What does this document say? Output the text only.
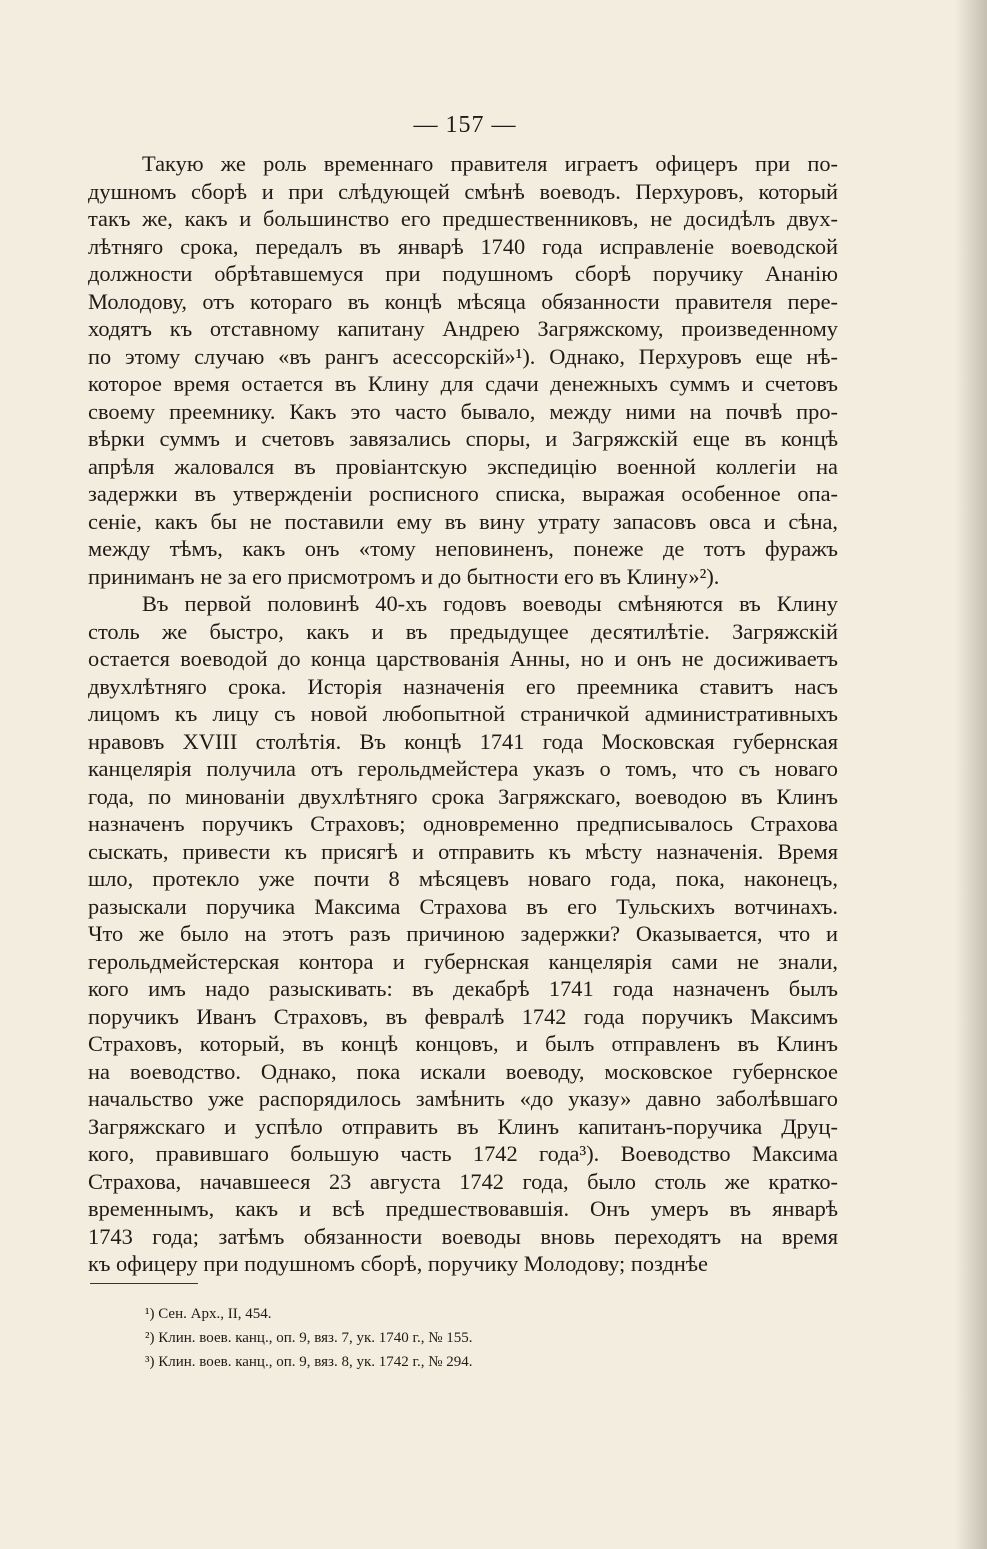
— 157 —
Такую же роль временнаго правителя играетъ офицеръ при по-
душномъ сборѣ и при слѣдующей смѣнѣ воеводъ. Перхуровъ, который
такъ же, какъ и большинство его предшественниковъ, не досидѣлъ двух-
лѣтняго срока, передалъ въ январѣ 1740 года исправленіе воеводской
должности обрѣтавшемуся при подушномъ сборѣ поручику Ананію
Молодову, отъ котораго въ концѣ мѣсяца обязанности правителя пере-
ходятъ къ отставному капитану Андрею Загряжскому, произведенному
по этому случаю «въ рангъ асессорскій»¹). Однако, Перхуровъ еще нѣ-
которое время остается въ Клину для сдачи денежныхъ суммъ и счетовъ
своему преемнику. Какъ это часто бывало, между ними на почвѣ про-
вѣрки суммъ и счетовъ завязались споры, и Загряжскій еще въ концѣ
апрѣля жаловался въ провіантскую экспедицію военной коллегіи на
задержки въ утвержденіи росписного списка, выражая особенное опа-
сеніе, какъ бы не поставили ему въ вину утрату запасовъ овса и сѣна,
между тѣмъ, какъ онъ «тому неповиненъ, понеже де тотъ фуражъ
приниманъ не за его присмотромъ и до бытности его въ Клину»²).
Въ первой половинѣ 40-хъ годовъ воеводы смѣняются въ Клину
столь же быстро, какъ и въ предыдущее десятилѣтіе. Загряжскій
остается воеводой до конца царствованія Анны, но и онъ не досиживаетъ
двухлѣтняго срока. Исторія назначенія его преемника ставитъ насъ
лицомъ къ лицу съ новой любопытной страничкой административныхъ
нравовъ XVIII столѣтія. Въ концѣ 1741 года Московская губернская
канцелярія получила отъ герольдмейстера указъ о томъ, что съ новаго
года, по минованіи двухлѣтняго срока Загряжскаго, воеводою въ Клинъ
назначенъ поручикъ Страховъ; одновременно предписывалось Страхова
сыскать, привести къ присягѣ и отправить къ мѣсту назначенія. Время
шло, протекло уже почти 8 мѣсяцевъ новаго года, пока, наконецъ,
разыскали поручика Максима Страхова въ его Тульскихъ вотчинахъ.
Что же было на этотъ разъ причиною задержки? Оказывается, что и
герольдмейстерская контора и губернская канцелярія сами не знали,
кого имъ надо разыскивать: въ декабрѣ 1741 года назначенъ былъ
поручикъ Иванъ Страховъ, въ февралѣ 1742 года поручикъ Максимъ
Страховъ, который, въ концѣ концовъ, и былъ отправленъ въ Клинъ
на воеводство. Однако, пока искали воеводу, московское губернское
начальство уже распорядилось замѣнить «до указу» давно заболѣвшаго
Загряжскаго и успѣло отправить въ Клинъ капитанъ-поручика Друц-
кого, правившаго большую часть 1742 года³). Воеводство Максима
Страхова, начавшееся 23 августа 1742 года, было столь же кратко-
временнымъ, какъ и всѣ предшествовавшія. Онъ умеръ въ январѣ
1743 года; затѣмъ обязанности воеводы вновь переходятъ на время
къ офицеру при подушномъ сборѣ, поручику Молодову; позднѣе
¹) Сен. Арх., II, 454.
²) Клин. воев. канц., оп. 9, вяз. 7, ук. 1740 г., № 155.
³) Клин. воев. канц., оп. 9, вяз. 8, ук. 1742 г., № 294.
